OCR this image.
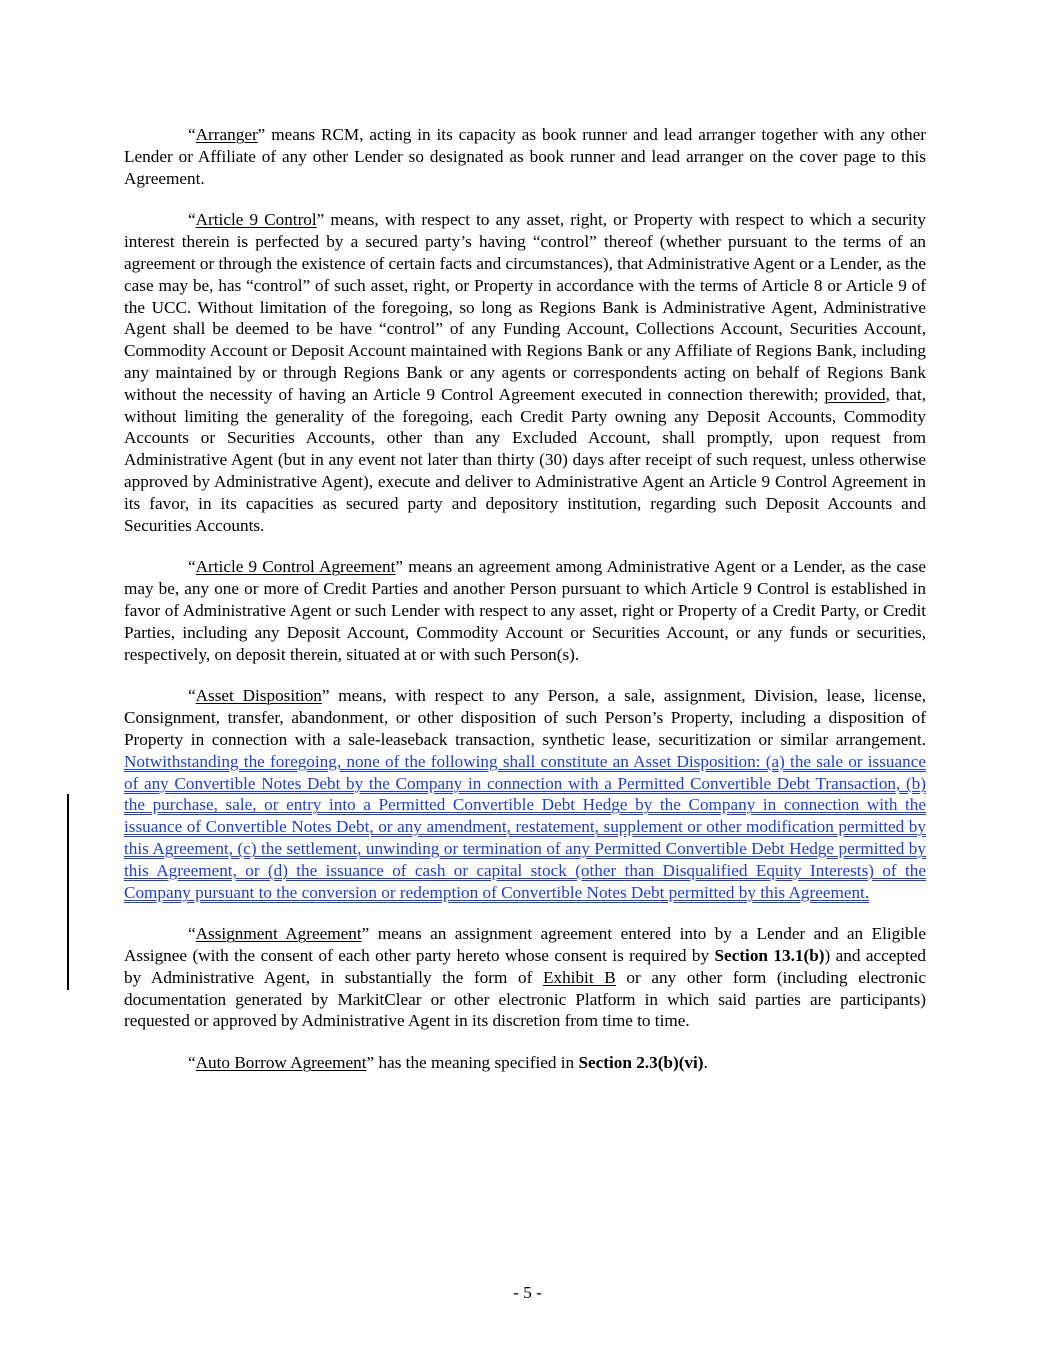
“Arranger” means RCM, acting in its capacity as book runner and lead arranger together with any other Lender or Affiliate of any other Lender so designated as book runner and lead arranger on the cover page to this Agreement.

“Article 9 Control” means, with respect to any asset, right, or Property with respect to which a security interest therein is perfected by a secured party’s having “control” thereof (whether pursuant to the terms of an agreement or through the existence of certain facts and circumstances), that Administrative Agent or a Lender, as the case may be, has “control” of such asset, right, or Property in accordance with the terms of Article 8 or Article 9 of the UCC. Without limitation of the foregoing, so long as Regions Bank is Administrative Agent, Administrative Agent shall be deemed to be have “control” of any Funding Account, Collections Account, Securities Account, Commodity Account or Deposit Account maintained with Regions Bank or any Affiliate of Regions Bank, including any maintained by or through Regions Bank or any agents or correspondents acting on behalf of Regions Bank without the necessity of having an Article 9 Control Agreement executed in connection therewith; provided, that, without limiting the generality of the foregoing, each Credit Party owning any Deposit Accounts, Commodity Accounts or Securities Accounts, other than any Excluded Account, shall promptly, upon request from Administrative Agent (but in any event not later than thirty (30) days after receipt of such request, unless otherwise approved by Administrative Agent), execute and deliver to Administrative Agent an Article 9 Control Agreement in its favor, in its capacities as secured party and depository institution, regarding such Deposit Accounts and Securities Accounts.

“Article 9 Control Agreement” means an agreement among Administrative Agent or a Lender, as the case may be, any one or more of Credit Parties and another Person pursuant to which Article 9 Control is established in favor of Administrative Agent or such Lender with respect to any asset, right or Property of a Credit Party, or Credit Parties, including any Deposit Account, Commodity Account or Securities Account, or any funds or securities, respectively, on deposit therein, situated at or with such Person(s).

“Asset Disposition” means, with respect to any Person, a sale, assignment, Division, lease, license, Consignment, transfer, abandonment, or other disposition of such Person’s Property, including a disposition of Property in connection with a sale-leaseback transaction, synthetic lease, securitization or similar arrangement. Notwithstanding the foregoing, none of the following shall constitute an Asset Disposition: (a) the sale or issuance of any Convertible Notes Debt by the Company in connection with a Permitted Convertible Debt Transaction, (b) the purchase, sale, or entry into a Permitted Convertible Debt Hedge by the Company in connection with the issuance of Convertible Notes Debt, or any amendment, restatement, supplement or other modification permitted by this Agreement, (c) the settlement, unwinding or termination of any Permitted Convertible Debt Hedge permitted by this Agreement, or (d) the issuance of cash or capital stock (other than Disqualified Equity Interests) of the Company pursuant to the conversion or redemption of Convertible Notes Debt permitted by this Agreement.

“Assignment Agreement” means an assignment agreement entered into by a Lender and an Eligible Assignee (with the consent of each other party hereto whose consent is required by Section 13.1(b)) and accepted by Administrative Agent, in substantially the form of Exhibit B or any other form (including electronic documentation generated by MarkitClear or other electronic Platform in which said parties are participants) requested or approved by Administrative Agent in its discretion from time to time.

“Auto Borrow Agreement” has the meaning specified in Section 2.3(b)(vi).

- 5 -
